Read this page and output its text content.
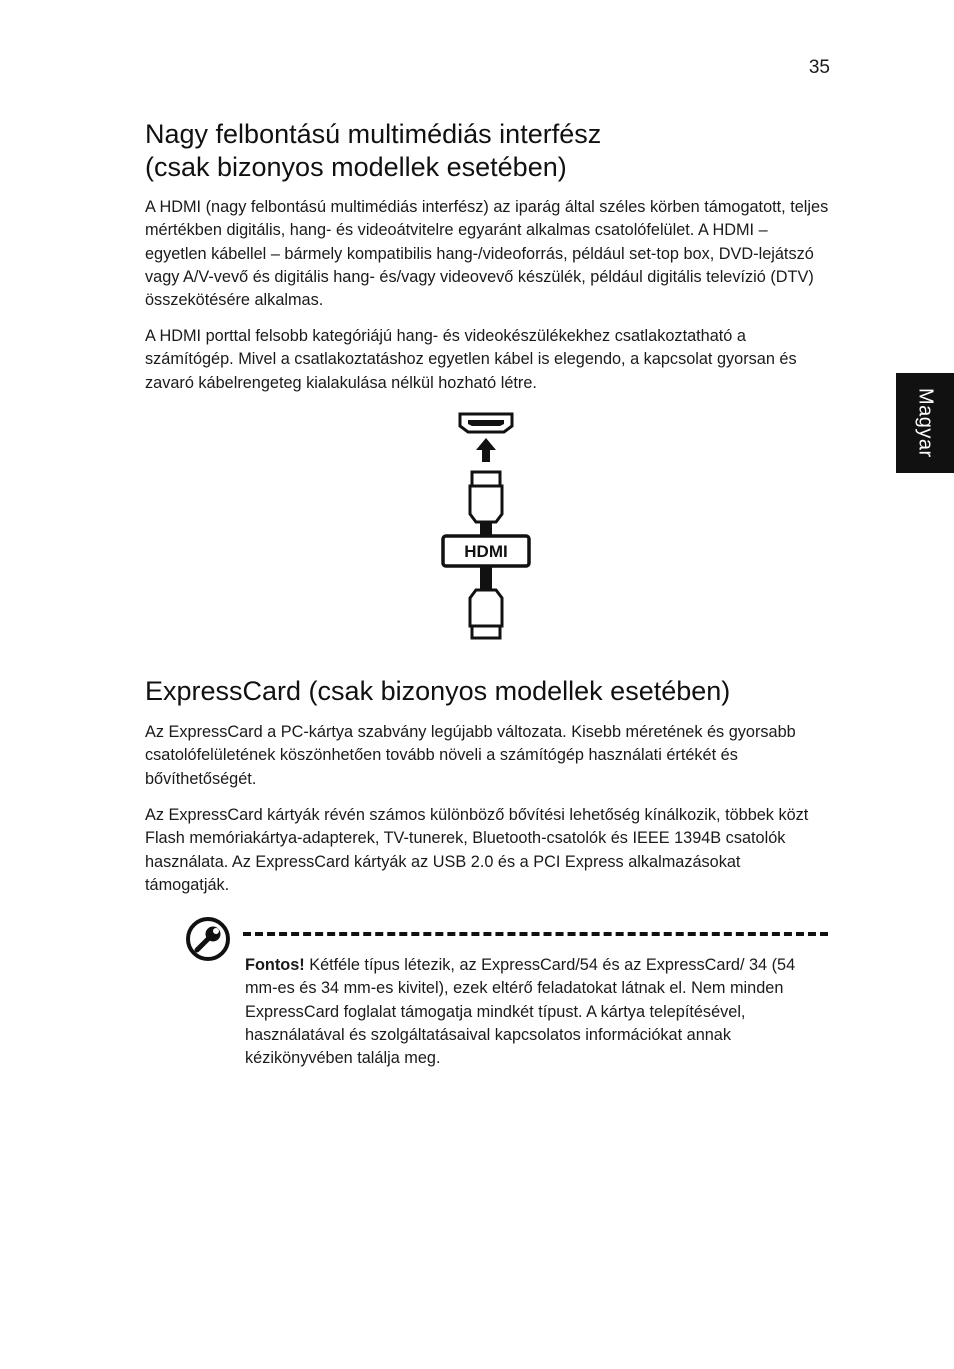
35
Magyar
Nagy felbontású multimédiás interfész
(csak bizonyos modellek esetében)

A HDMI (nagy felbontású multimédiás interfész) az iparág által széles körben támogatott, teljes mértékben digitális, hang- és videoátvitelre egyaránt alkalmas csatolófelület. A HDMI – egyetlen kábellel – bármely kompatibilis hang-/videoforrás, például set-top box, DVD-lejátszó vagy A/V-vevő és digitális hang- és/vagy videovevő készülék, például digitális televízió (DTV) összekötésére alkalmas.

A HDMI porttal felsobb kategóriájú hang- és videokészülékekhez csatlakoztatható a számítógép. Mivel a csatlakoztatáshoz egyetlen kábel is elegendo, a kapcsolat gyorsan és zavaró kábelrengeteg kialakulása nélkül hozható létre.

HDMI
ExpressCard (csak bizonyos modellek esetében)

Az ExpressCard a PC-kártya szabvány legújabb változata. Kisebb méretének és gyorsabb csatolófelületének köszönhetően tovább növeli a számítógép használati értékét és bővíthetőségét.

Az ExpressCard kártyák révén számos különböző bővítési lehetőség kínálkozik, többek közt Flash memóriakártya-adapterek, TV-tunerek, Bluetooth-csatolók és IEEE 1394B csatolók használata. Az ExpressCard kártyák az USB 2.0 és a PCI Express alkalmazásokat támogatják.

Fontos! Kétféle típus létezik, az ExpressCard/54 és az ExpressCard/ 34 (54 mm-es és 34 mm-es kivitel), ezek eltérő feladatokat látnak el. Nem minden ExpressCard foglalat támogatja mindkét típust. A kártya telepítésével, használatával és szolgáltatásaival kapcsolatos információkat annak kézikönyvében találja meg.
